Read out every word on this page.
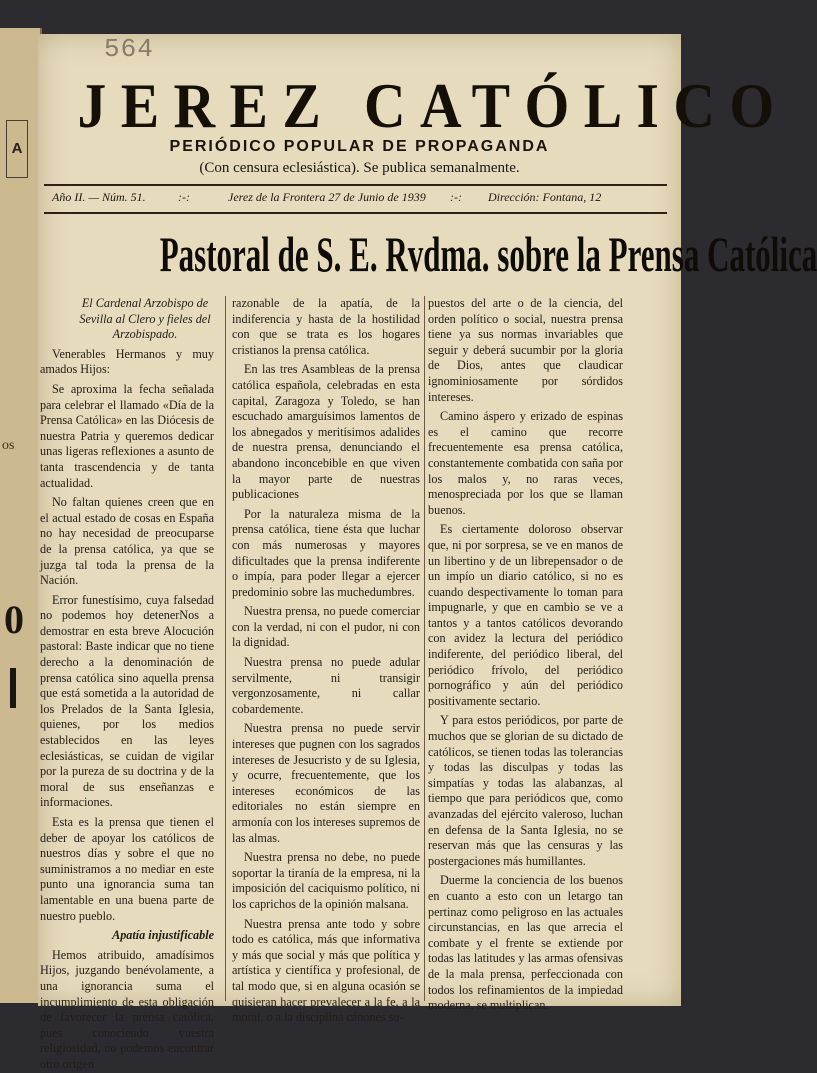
A
os
0
564
JEREZ CATÓLICO
PERIÓDICO POPULAR DE PROPAGANDA
(Con censura eclesiástica). Se publica semanalmente.
Año II. — Núm. 51.	:-:	Jerez de la Frontera 27 de Junio de 1939 :-: Dirección: Fontana, 12
Pastoral de S. E. Rvdma. sobre la Prensa Católica

El Cardenal Arzobispo de Sevilla al Clero y fieles del Arzobispado.

Venerables Hermanos y muy amados Hijos:

Se aproxima la fecha señalada para celebrar el llamado «Día de la Prensa Católica» en las Diócesis de nuestra Patria y queremos dedicar unas ligeras reflexiones a asunto de tanta trascendencia y de tanta actualidad.

No faltan quienes creen que en el actual estado de cosas en España no hay necesidad de preocuparse de la prensa católica, ya que se juzga tal toda la prensa de la Nación.

Error funestísimo, cuya falsedad no podemos hoy detenerNos a demostrar en esta breve Alocución pastoral: Baste indicar que no tiene derecho a la denominación de prensa católica sino aquella prensa que está sometida a la autoridad de los Prelados de la Santa Iglesia, quienes, por los medios establecidos en las leyes eclesiásticas, se cuidan de vigilar por la pureza de su doctrina y de la moral de sus enseñanzas e informaciones.

Esta es la prensa que tienen el deber de apoyar los católicos de nuestros días y sobre el que no suministramos a no mediar en este punto una ignorancia suma tan lamentable en una buena parte de nuestro pueblo.

Apatía injustificable

Hemos atribuido, amadísimos Hijos, juzgando benévolamente, a una ignorancia suma el incumplimiento de esta obligación de favorecer la prensa católica, pues conociendo vuestra religiosidad, no podemos encontrar otro origen

razonable de la apatía, de la indiferencia y hasta de la hostilidad con que se trata es los hogares cristianos la prensa católica.

En las tres Asambleas de la prensa católica española, celebradas en esta capital, Zaragoza y Toledo, se han escuchado amarguísimos lamentos de los abnegados y meritísimos adalides de nuestra prensa, denunciando el abandono inconcebible en que viven la mayor parte de nuestras publicaciones

Por la naturaleza misma de la prensa católica, tiene ésta que luchar con más numerosas y mayores dificultades que la prensa indiferente o impía, para poder llegar a ejercer predominio sobre las muchedumbres.

Nuestra prensa, no puede comerciar con la verdad, ni con el pudor, ni con la dignidad.

Nuestra prensa no puede adular servilmente, ni transigir vergonzosamente, ni callar cobardemente.

Nuestra prensa no puede servir intereses que pugnen con los sagrados intereses de Jesucristo y de su Iglesia, y ocurre, frecuentemente, que los intereses económicos de las editoriales no están siempre en armonía con los intereses supremos de las almas.

Nuestra prensa no debe, no puede soportar la tiranía de la empresa, ni la imposición del caciquismo político, ni los caprichos de la opinión malsana.

Nuestra prensa ante todo y sobre todo es católica, más que informativa y más que social y más que política y artística y científica y profesional, de tal modo que, si en alguna ocasión se quisieran hacer prevalecer a la fe, a la moral, o a la disciplina cánones su-

puestos del arte o de la ciencia, del orden político o social, nuestra prensa tiene ya sus normas invariables que seguir y deberá sucumbir por la gloria de Dios, antes que claudicar ignominiosamente por sórdidos intereses.

Camino áspero y erizado de espinas es el camino que recorre frecuentemente esa prensa católica, constantemente combatida con saña por los malos y, no raras veces, menospreciada por los que se llaman buenos.

Es ciertamente doloroso observar que, ni por sorpresa, se ve en manos de un libertino y de un librepensador o de un impío un diario católico, si no es cuando despectivamente lo toman para impugnarle, y que en cambio se ve a tantos y a tantos católicos devorando con avidez la lectura del periódico indiferente, del periódico liberal, del periódico frívolo, del periódico pornográfico y aún del periódico positivamente sectario.

Y para estos periódicos, por parte de muchos que se glorian de su dictado de católicos, se tienen todas las tolerancias y todas las disculpas y todas las simpatías y todas las alabanzas, al tiempo que para periódicos que, como avanzadas del ejército valeroso, luchan en defensa de la Santa Iglesia, no se reservan más que las censuras y las postergaciones más humillantes.

Duerme la conciencia de los buenos en cuanto a esto con un letargo tan pertinaz como peligroso en las actuales circunstancias, en las que arrecia el combate y el frente se extiende por todas las latitudes y las armas ofensivas de la mala prensa, perfeccionada con todos los refinamientos de la impiedad moderna, se multiplican.
